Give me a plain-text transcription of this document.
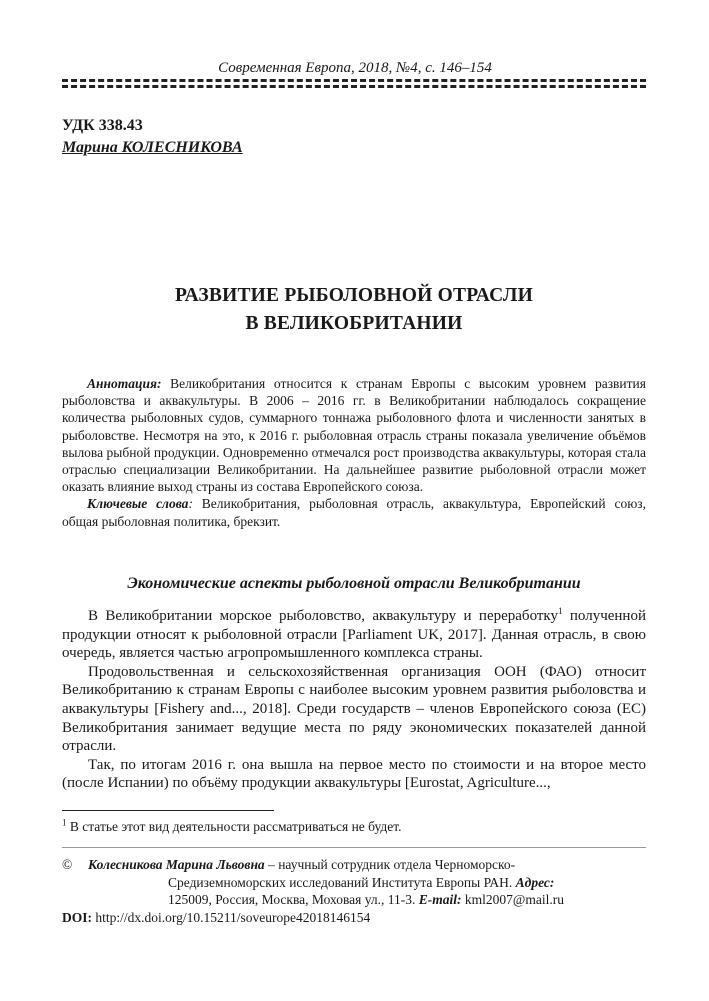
Современная Европа, 2018, №4, с. 146–154
УДК 338.43
Марина КОЛЕСНИКОВА
РАЗВИТИЕ РЫБОЛОВНОЙ ОТРАСЛИ
В ВЕЛИКОБРИТАНИИ

Аннотация: Великобритания относится к странам Европы с высоким уровнем развития рыболовства и аквакультуры. В 2006 – 2016 гг. в Великобритании наблюдалось сокращение количества рыболовных судов, суммарного тоннажа рыболовного флота и численности занятых в рыболовстве. Несмотря на это, к 2016 г. рыболовная отрасль страны показала увеличение объёмов вылова рыбной продукции. Одновременно отмечался рост производства аквакультуры, которая стала отраслью специализации Великобритании. На дальнейшее развитие рыболовной отрасли может оказать влияние выход страны из состава Европейского союза.

Ключевые слова: Великобритания, рыболовная отрасль, аквакультура, Европейский союз, общая рыболовная политика, брекзит.

Экономические аспекты рыболовной отрасли Великобритании

В Великобритании морское рыболовство, аквакультуру и переработку$^1$ полученной продукции относят к рыболовной отрасли [Parliament UK, 2017]. Данная отрасль, в свою очередь, является частью агропромышленного комплекса страны.

Продовольственная и сельскохозяйственная организация ООН (ФАО) относит Великобританию к странам Европы с наиболее высоким уровнем развития рыболовства и аквакультуры [Fishery and..., 2018]. Среди государств – членов Европейского союза (ЕС) Великобритания занимает ведущие места по ряду экономических показателей данной отрасли.

Так, по итогам 2016 г. она вышла на первое место по стоимости и на второе место (после Испании) по объёму продукции аквакультуры [Eurostat, Agriculture...,

$^1$ В статье этот вид деятельности рассматриваться не будет.
©	Колесникова Марина Львовна – научный сотрудник отдела Черноморско-
Средиземноморских исследований Института Европы РАН. Адрес:
125009, Россия, Москва, Моховая ул., 11-3. E-mail: kml2007@mail.ru
DOI: http://dx.doi.org/10.15211/soveurope42018146154
